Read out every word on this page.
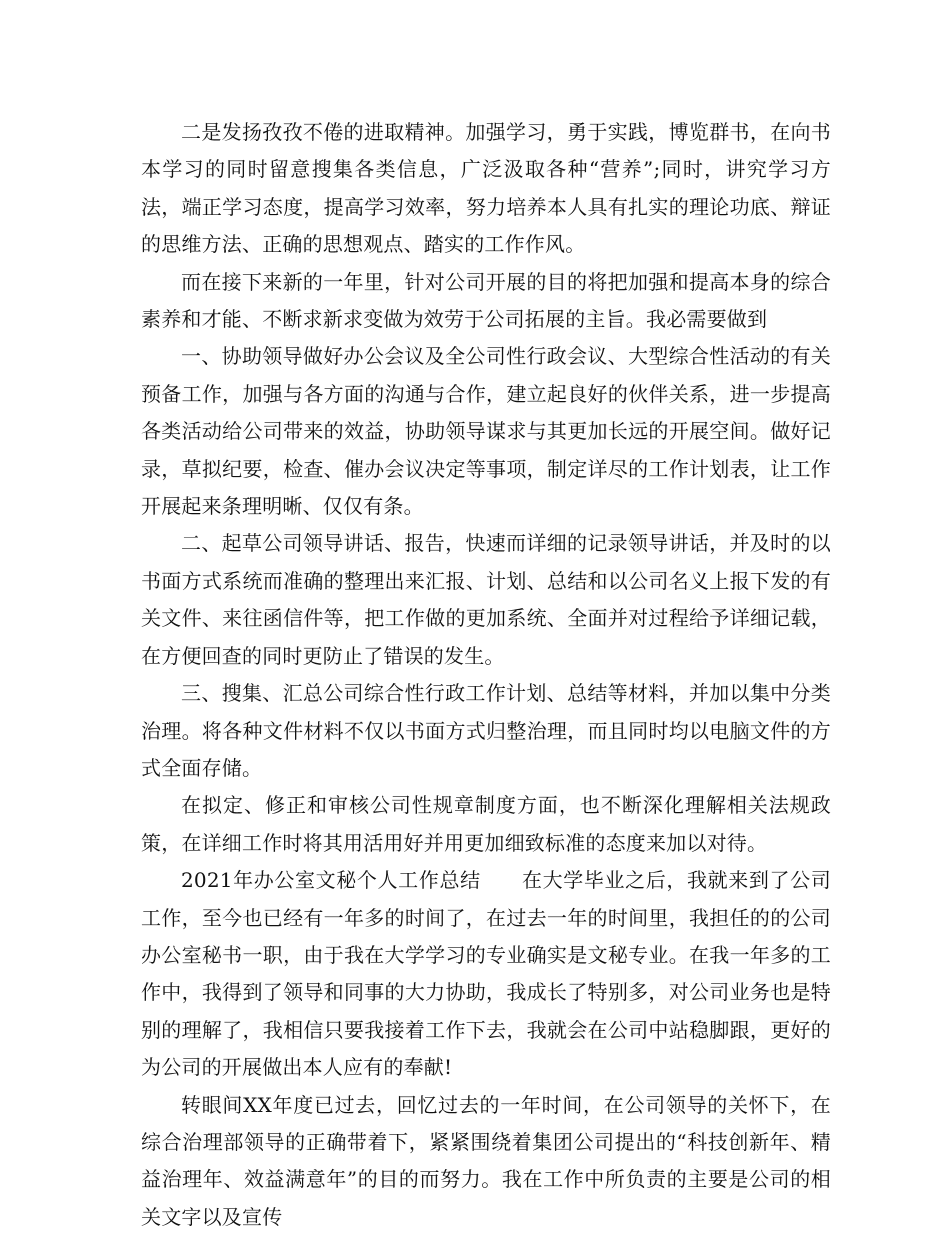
二是发扬孜孜不倦的进取精神。加强学习，勇于实践，博览群书，在向书本学习的同时留意搜集各类信息，广泛汲取各种“营养”;同时，讲究学习方法，端正学习态度，提高学习效率，努力培养本人具有扎实的理论功底、辩证的思维方法、正确的思想观点、踏实的工作作风。

而在接下来新的一年里，针对公司开展的目的将把加强和提高本身的综合素养和才能、不断求新求变做为效劳于公司拓展的主旨。我必需要做到

一、协助领导做好办公会议及全公司性行政会议、大型综合性活动的有关预备工作，加强与各方面的沟通与合作，建立起良好的伙伴关系，进一步提高各类活动给公司带来的效益，协助领导谋求与其更加长远的开展空间。做好记录，草拟纪要，检查、催办会议决定等事项，制定详尽的工作计划表，让工作开展起来条理明晰、仅仅有条。

二、起草公司领导讲话、报告，快速而详细的记录领导讲话，并及时的以书面方式系统而准确的整理出来汇报、计划、总结和以公司名义上报下发的有关文件、来往函信件等，把工作做的更加系统、全面并对过程给予详细记载，在方便回查的同时更防止了错误的发生。

三、搜集、汇总公司综合性行政工作计划、总结等材料，并加以集中分类治理。将各种文件材料不仅以书面方式归整治理，而且同时均以电脑文件的方式全面存储。

在拟定、修正和审核公司性规章制度方面，也不断深化理解相关法规政策，在详细工作时将其用活用好并用更加细致标准的态度来加以对待。

2021年办公室文秘个人工作总结　　在大学毕业之后，我就来到了公司工作，至今也已经有一年多的时间了，在过去一年的时间里，我担任的的公司办公室秘书一职，由于我在大学学习的专业确实是文秘专业。在我一年多的工作中，我得到了领导和同事的大力协助，我成长了特别多，对公司业务也是特别的理解了，我相信只要我接着工作下去，我就会在公司中站稳脚跟，更好的为公司的开展做出本人应有的奉献!

转眼间XX年度已过去，回忆过去的一年时间，在公司领导的关怀下，在综合治理部领导的正确带着下，紧紧围绕着集团公司提出的“科技创新年、精益治理年、效益满意年”的目的而努力。我在工作中所负责的主要是公司的相关文字以及宣传
